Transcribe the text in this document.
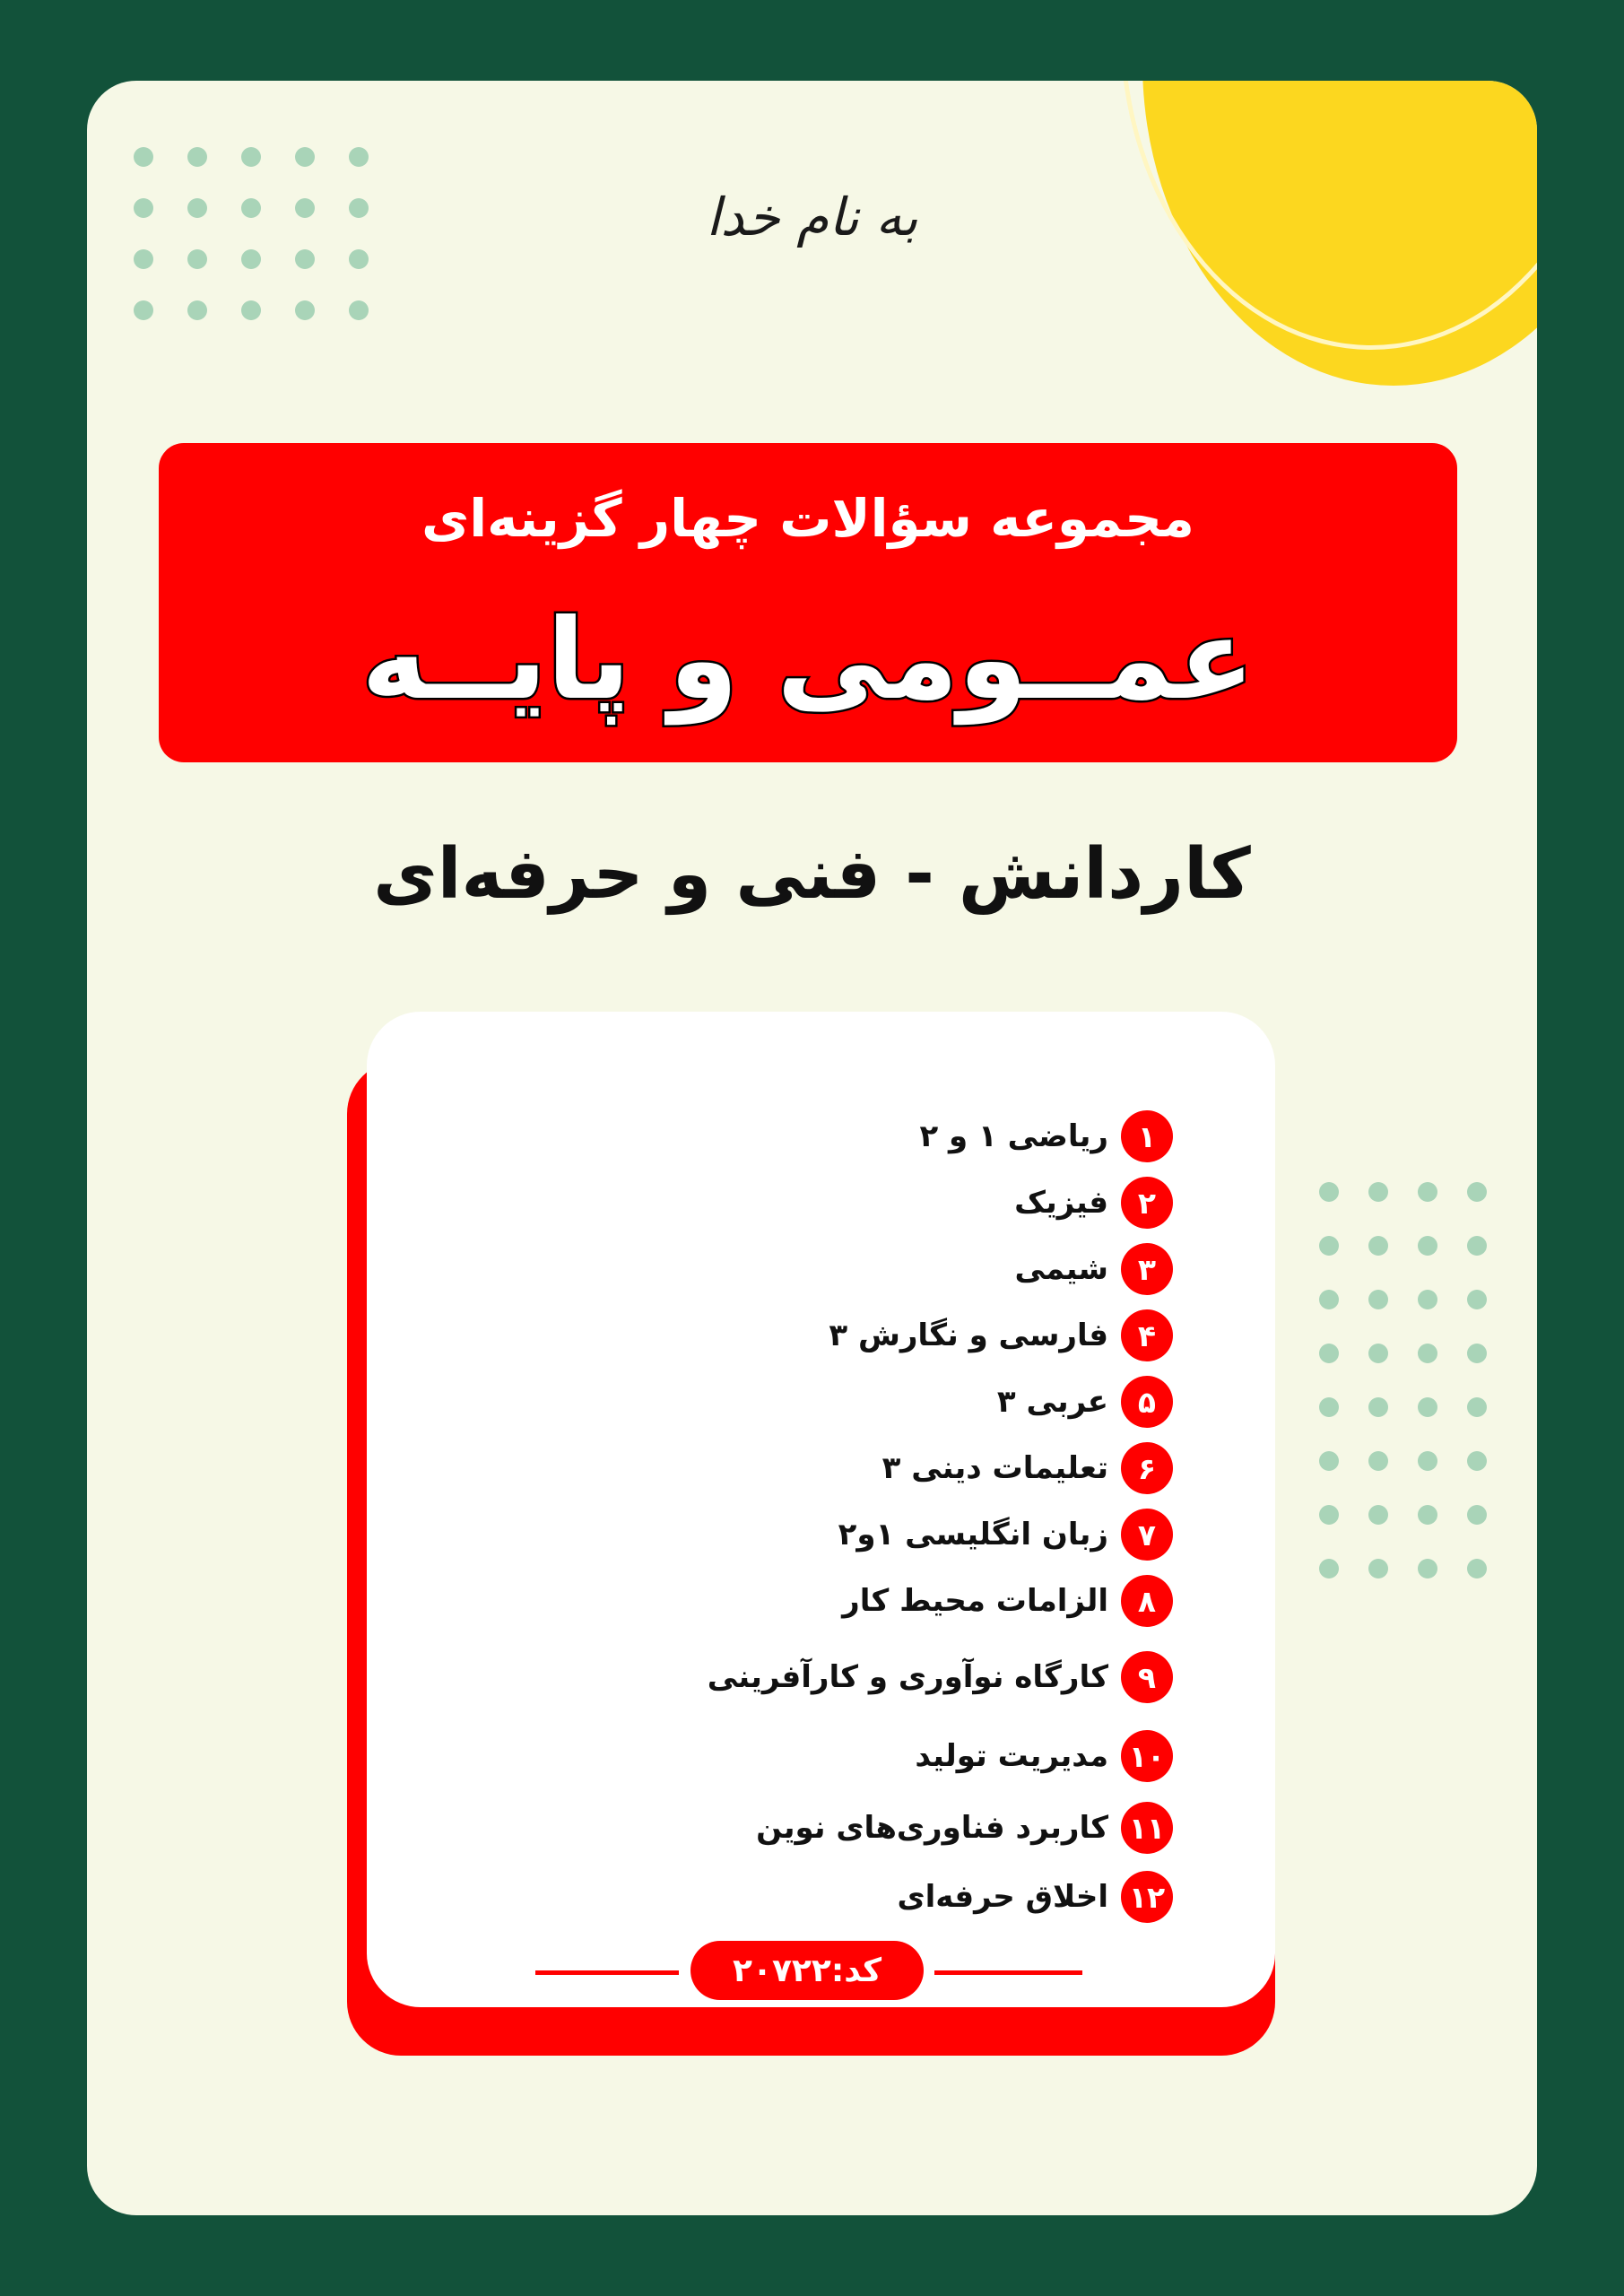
به نام خدا
مجموعه سؤالات چهار گزینه‌ای
عمــومی و پایــه
کاردانش - فنی و حرفه‌ای
۱
ریاضی ۱ و ۲
۲
فیزیک
۳
شیمی
۴
فارسی و نگارش ۳
۵
عربی ۳
۶
تعلیمات دینی ۳
۷
زبان انگلیسی ۱و۲
۸
الزامات محیط کار
۹
کارگاه نوآوری و کارآفرینی
۱۰
مدیریت تولید
۱۱
کاربرد فناوری‌های نوین
۱۲
اخلاق حرفه‌ای
کد:۲۰۷۲۲
